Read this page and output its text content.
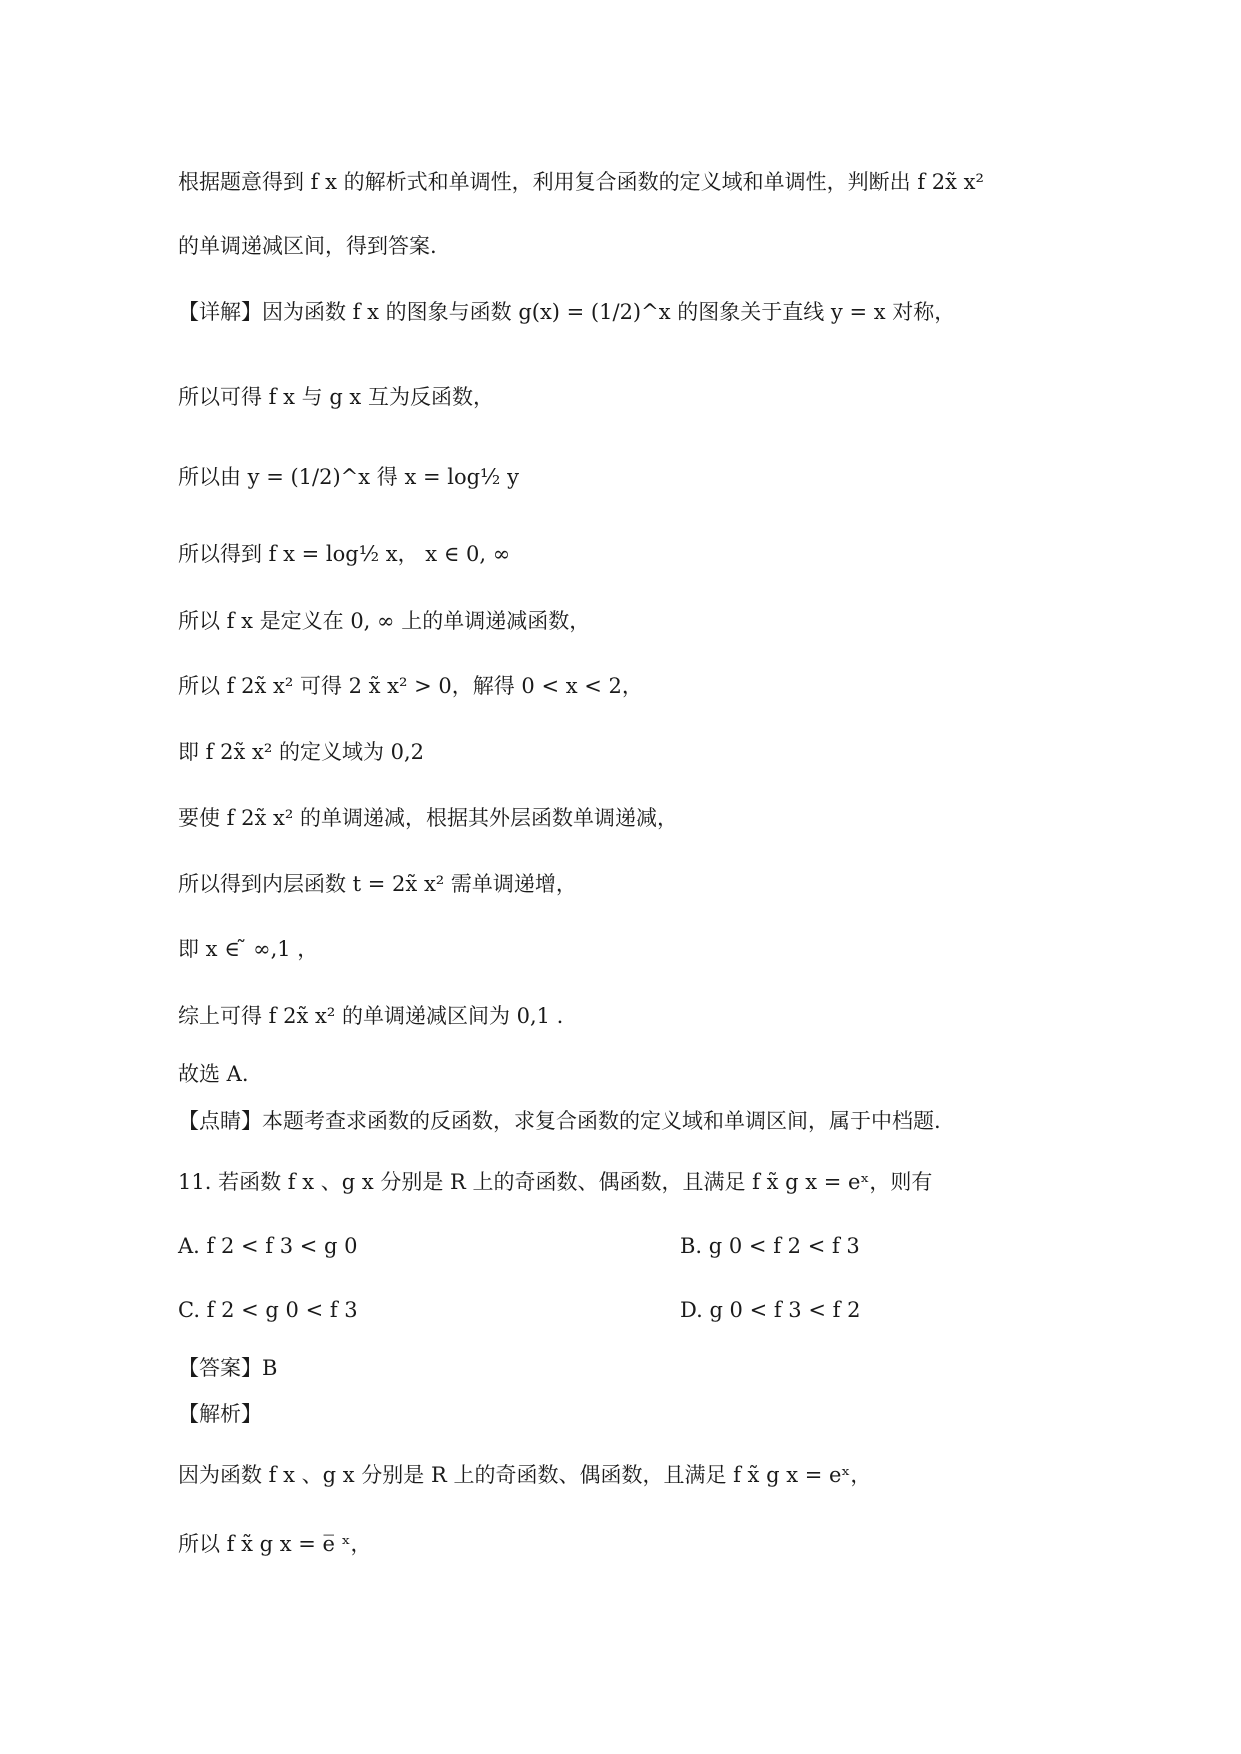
根据题意得到 f x 的解析式和单调性，利用复合函数的定义域和单调性，判断出 f 2x̃ x²
的单调递减区间，得到答案.
【详解】因为函数 f x 的图象与函数 g(x) = (1/2)^x 的图象关于直线 y = x 对称，
所以可得 f x 与 g x 互为反函数，
所以由 y = (1/2)^x 得 x = log½ y
所以得到 f x = log½ x， x ∈ 0, ∞
所以 f x 是定义在 0, ∞ 上的单调递减函数，
所以 f 2x̃ x² 可得 2 x̃ x² > 0，解得 0 < x < 2，
即 f 2x̃ x² 的定义域为 0,2
要使 f 2x̃ x² 的单调递减，根据其外层函数单调递减，
所以得到内层函数 t = 2x̃ x² 需单调递增，
即 x ∈ ̃ ∞,1 ，
综上可得 f 2x̃ x² 的单调递减区间为 0,1 .
故选 A.
【点睛】本题考查求函数的反函数，求复合函数的定义域和单调区间，属于中档题.
11. 若函数 f x 、g x 分别是 R 上的奇函数、偶函数，且满足 f x̃ g x = eˣ，则有
A. f 2 < f 3 < g 0	B. g 0 < f 2 < f 3
C. f 2 < g 0 < f 3	D. g 0 < f 3 < f 2
【答案】B
【解析】
因为函数 f x 、g x 分别是 R 上的奇函数、偶函数，且满足 f x̃ g x = eˣ，
所以 f x̃ g x = e̅ ˣ，
